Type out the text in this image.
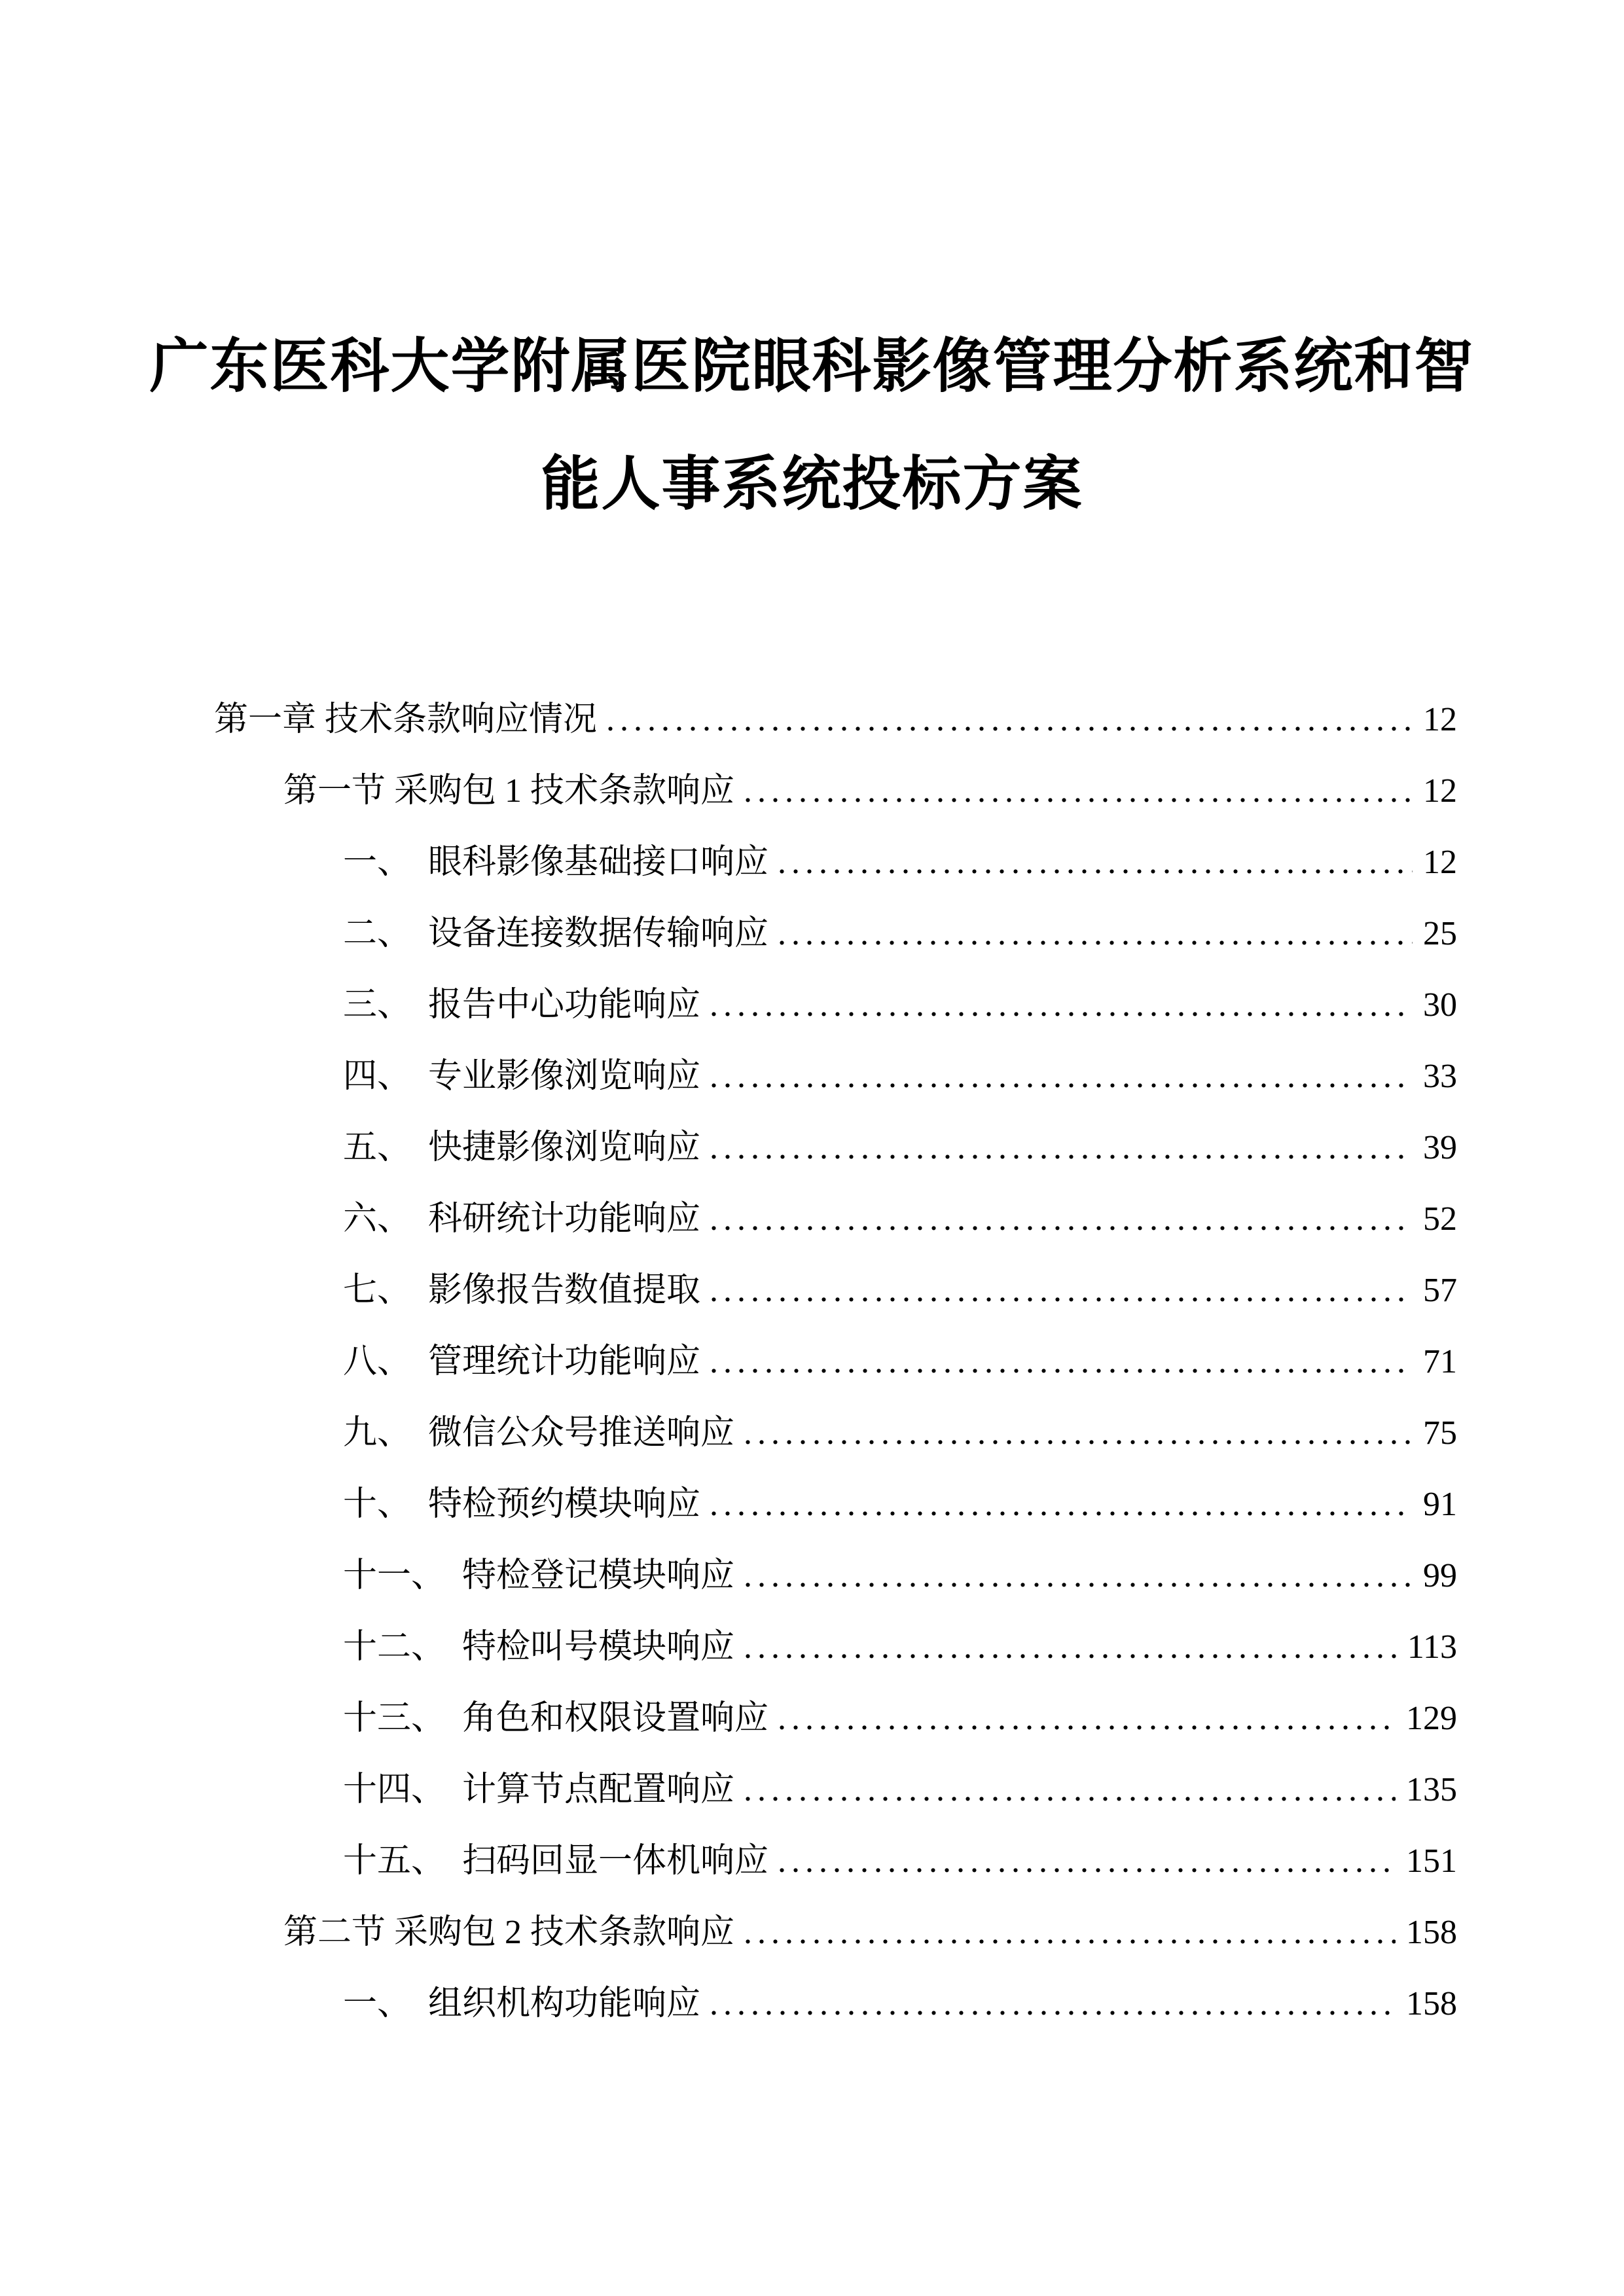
广东医科大学附属医院眼科影像管理分析系统和智
能人事系统投标方案
第一章 技术条款响应情况 .....	12
第一节 采购包 1 技术条款响应 .....	12
一、　眼科影像基础接口响应 .....	12
二、　设备连接数据传输响应 .....	25
三、　报告中心功能响应 .....	30
四、　专业影像浏览响应 .....	33
五、　快捷影像浏览响应 .....	39
六、　科研统计功能响应 .....	52
七、　影像报告数值提取 .....	57
八、　管理统计功能响应 .....	71
九、　微信公众号推送响应 .....	75
十、　特检预约模块响应 .....	91
十一、　特检登记模块响应 .....	99
十二、　特检叫号模块响应 .....	113
十三、　角色和权限设置响应 .....	129
十四、　计算节点配置响应 .....	135
十五、　扫码回显一体机响应 .....	151
第二节 采购包 2 技术条款响应 .....	158
一、　组织机构功能响应 .....	158
